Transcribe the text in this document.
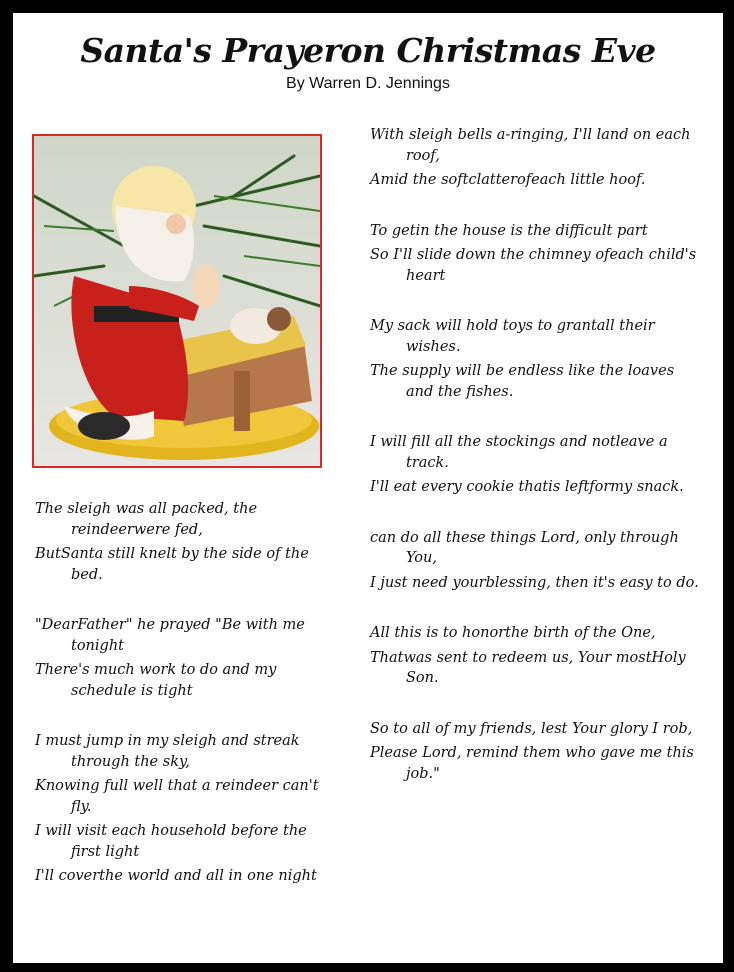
Santa's Prayeron Christmas Eve
By Warren D. Jennings

The sleigh was all packed, the reindeerwere fed,

ButSanta still knelt by the side of the bed.

"DearFather" he prayed "Be with me tonight

There's much work to do and my schedule is tight

I must jump in my sleigh and streak through the sky,

Knowing full well that a reindeer can't fly.

I will visit each household before the first light

I'll coverthe world and all in one night

With sleigh bells a-ringing, I'll land on each roof,

Amid the softclatterofeach little hoof.

To getin the house is the difficult part

So I'll slide down the chimney ofeach child's heart

My sack will hold toys to grantall their wishes.

The supply will be endless like the loaves and the fishes.

I will fill all the stockings and notleave a track.

I'll eat every cookie thatis leftformy snack.

can do all these things Lord, only through You,

I just need yourblessing, then it's easy to do.

All this is to honorthe birth of the One,

Thatwas sent to redeem us, Your mostHoly Son.

So to all of my friends, lest Your glory I rob,

Please Lord, remind them who gave me this job."
